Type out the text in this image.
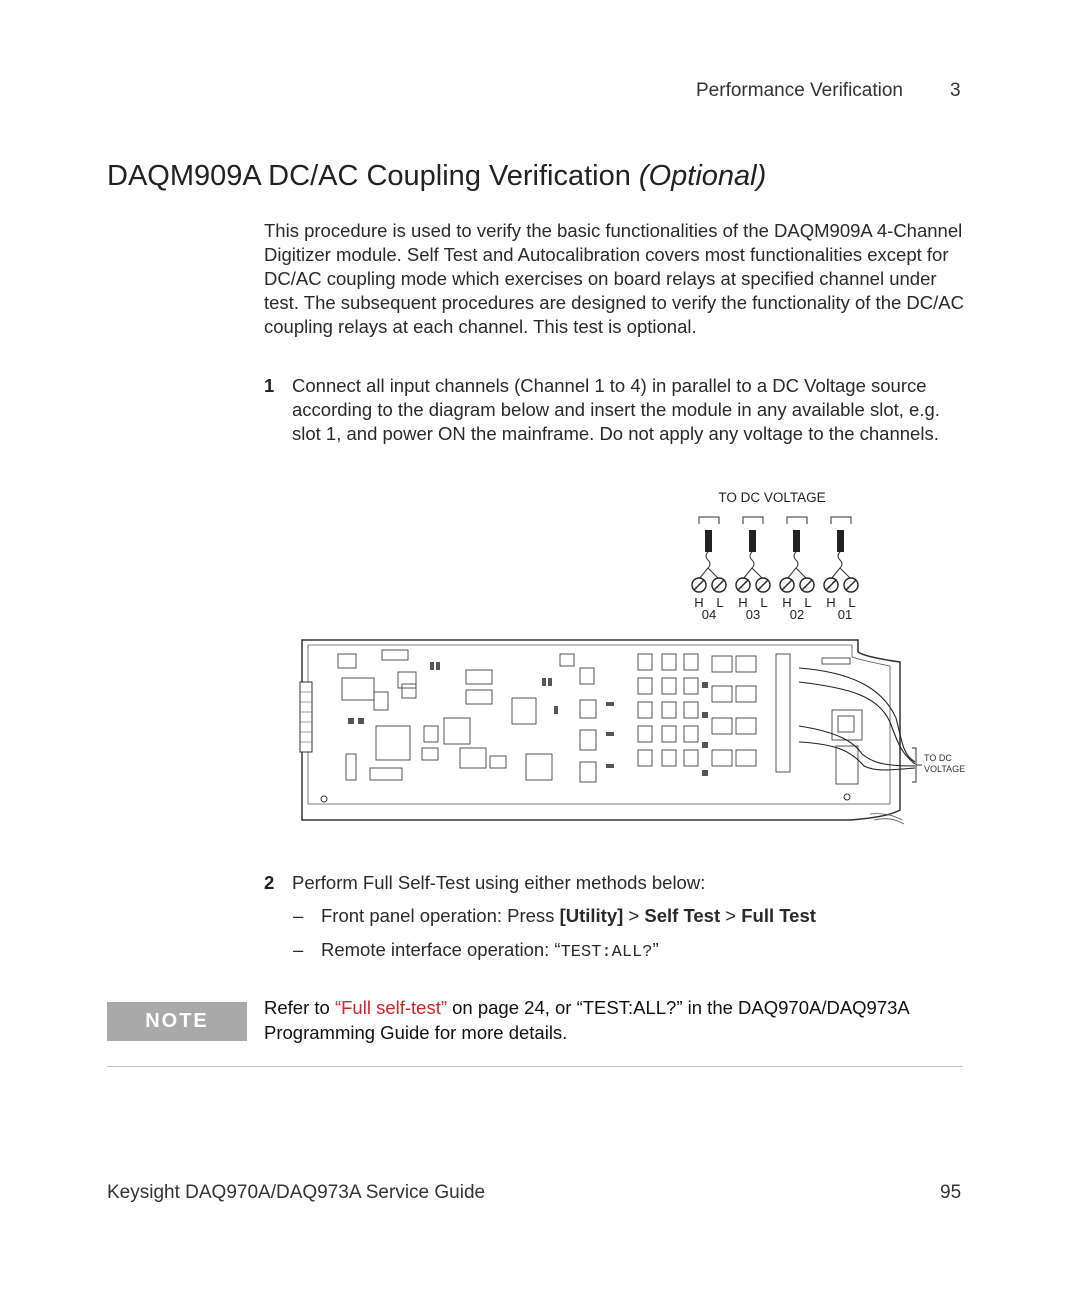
Performance Verification 3
DAQM909A DC/AC Coupling Verification (Optional)

This procedure is used to verify the basic functionalities of the DAQM909A 4-Channel Digitizer module. Self Test and Autocalibration covers most functionalities except for DC/AC coupling mode which exercises on board relays at specified channel under test. The subsequent procedures are designed to verify the functionality of the DC/AC coupling relays at each channel. This test is optional.

1 Connect all input channels (Channel 1 to 4) in parallel to a DC Voltage source according to the diagram below and insert the module in any available slot, e.g. slot 1, and power ON the mainframe. Do not apply any voltage to the channels.
TO DC VOLTAGE
H L H L H L H L
04 03 02	01
TO DC
VOLTAGE
2 Perform Full Self-Test using either methods below:
– Front panel operation: Press [Utility] > Self Test > Full Test
– Remote interface operation: “TEST:ALL?”
NOTE
Refer to “Full self-test” on page 24, or “TEST:ALL?” in the DAQ970A/DAQ973A Programming Guide for more details.
Keysight DAQ970A/DAQ973A Service Guide	95
